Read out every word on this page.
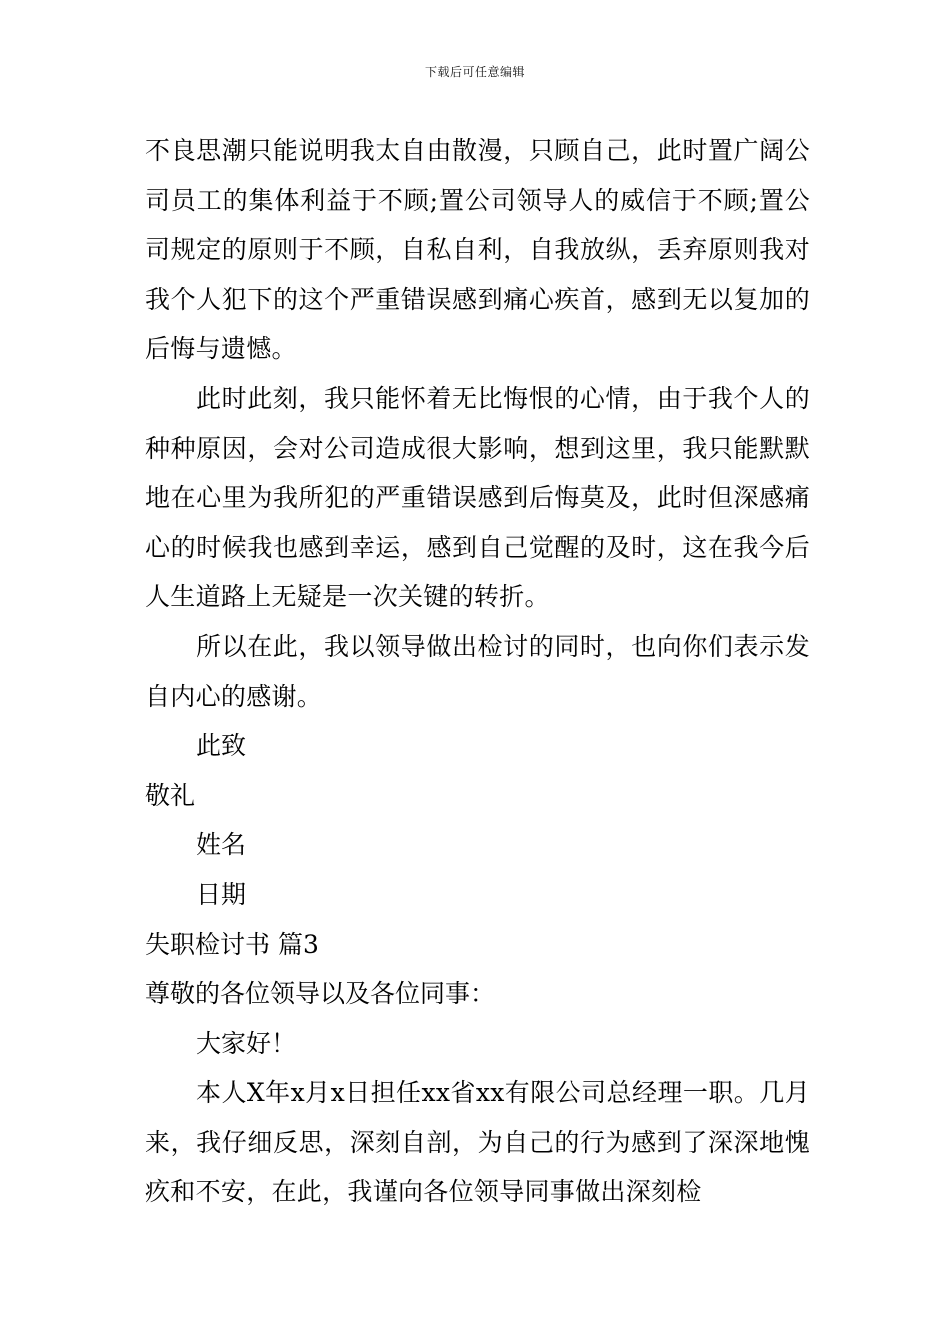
下载后可任意编辑

不良思潮只能说明我太自由散漫，只顾自己，此时置广阔公司员工的集体利益于不顾;置公司领导人的威信于不顾;置公司规定的原则于不顾，自私自利，自我放纵，丢弃原则我对我个人犯下的这个严重错误感到痛心疾首，感到无以复加的后悔与遗憾。

此时此刻，我只能怀着无比悔恨的心情，由于我个人的种种原因，会对公司造成很大影响，想到这里，我只能默默地在心里为我所犯的严重错误感到后悔莫及，此时但深感痛心的时候我也感到幸运，感到自己觉醒的及时，这在我今后人生道路上无疑是一次关键的转折。

所以在此，我以领导做出检讨的同时，也向你们表示发自内心的感谢。

此致

敬礼

姓名

日期

失职检讨书 篇3

尊敬的各位领导以及各位同事：

大家好！

本人X年x月x日担任xx省xx有限公司总经理一职。几月来，我仔细反思，深刻自剖，为自己的行为感到了深深地愧疚和不安，在此，我谨向各位领导同事做出深刻检
